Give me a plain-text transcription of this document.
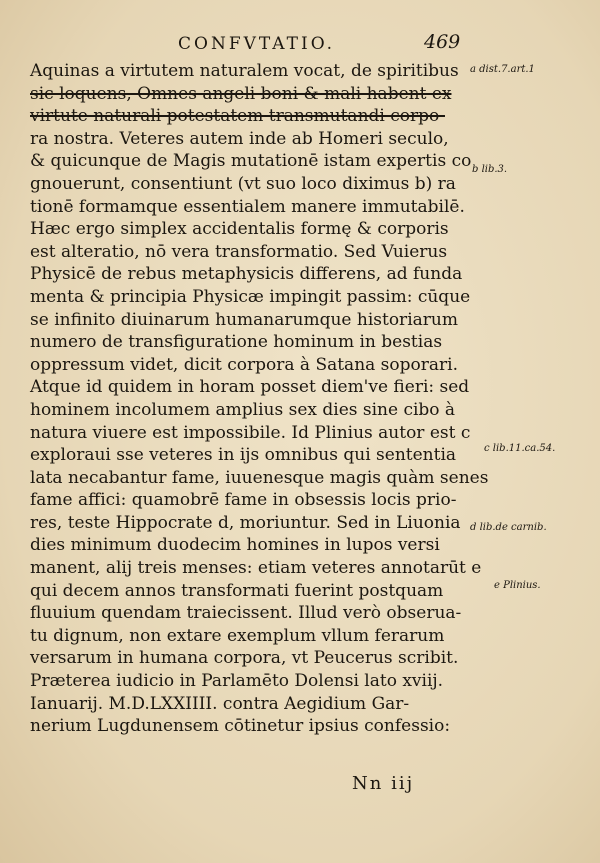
CONFVTATIO.	469
Aquinas a virtutem naturalem vocat, de spiritibus
sic loquens, Omnes angeli boni & mali habent ex
virtute naturali potestatem transmutandi corpo-
ra nostra. Veteres autem inde ab Homeri seculo,
& quicunque de Magis mutationē istam expertis co
gnouerunt, consentiunt (vt suo loco diximus b) ra
tionē formamque essentialem manere immutabilē.
Hæc ergo simplex accidentalis formę & corporis
est alteratio, nō vera transformatio. Sed Vuierus
Physicē de rebus metaphysicis differens, ad funda
menta & principia Physicæ impingit passim: cūque
se infinito diuinarum humanarumque historiarum
numero de transfiguratione hominum in bestias
oppressum videt, dicit corpora à Satana soporari.
Atque id quidem in horam posset diem've fieri: sed
hominem incolumem amplius sex dies sine cibo à
natura viuere est impossibile. Id Plinius autor est c
exploraui sse veteres in ijs omnibus qui sententia
lata necabantur fame, iuuenesque magis quàm senes
fame affici: quamobrē fame in obsessis locis prio-
res, teste Hippocrate d, moriuntur. Sed in Liuonia
dies minimum duodecim homines in lupos versi
manent, alij treis menses: etiam veteres annotarūt e
qui decem annos transformati fuerint postquam
fluuium quendam traiecissent. Illud verò obserua-
tu dignum, non extare exemplum vllum ferarum
versarum in humana corpora, vt Peucerus scribit.
Præterea iudicio in Parlamēto Dolensi lato xviij.
Ianuarij. M.D.LXXIIII. contra Aegidium Gar-
nerium Lugdunensem cōtinetur ipsius confessio:
a dist.7.art.1
b lib.3.
c lib.11.ca.54.
d lib.de carnib.
e Plinius.
Nn iij
